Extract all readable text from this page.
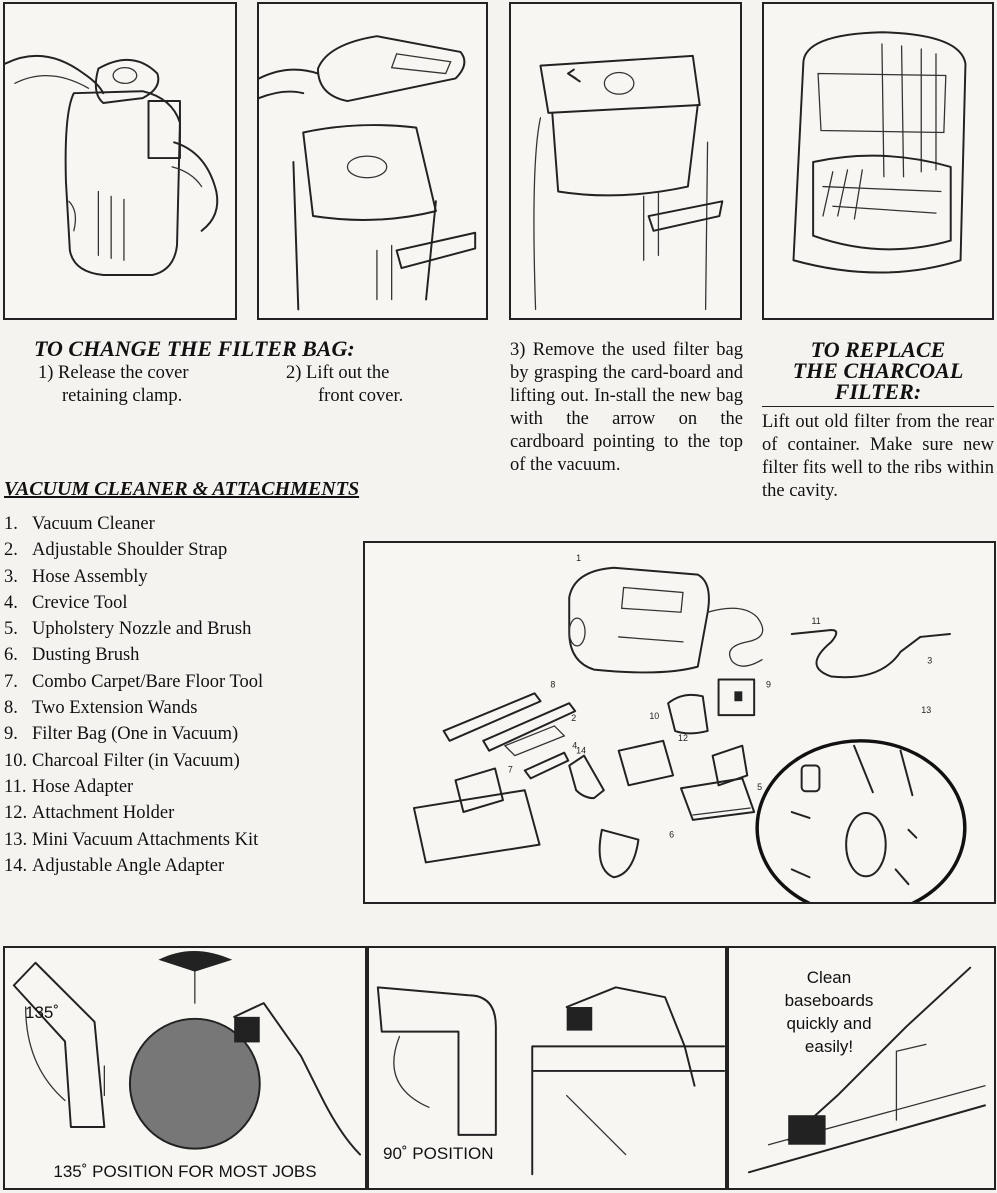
TO CHANGE THE FILTER BAG:
1) Release the cover
retaining clamp.
2) Lift out the
front cover.
3) Remove the used filter bag by grasping the card-board and lifting out. In-stall the new bag with the arrow on the cardboard pointing to the top of the vacuum.
TO REPLACE
THE CHARCOAL
FILTER:
Lift out old filter from the rear of container. Make sure new filter fits well to the ribs within the cavity.
VACUUM CLEANER & ATTACHMENTS
1. Vacuum Cleaner
2. Adjustable Shoulder Strap
3. Hose Assembly
4. Crevice Tool
5. Upholstery Nozzle and Brush
6. Dusting Brush
7. Combo Carpet/Bare Floor Tool
8. Two Extension Wands
9. Filter Bag (One in Vacuum)
10. Charcoal Filter (in Vacuum)
11. Hose Adapter
12. Attachment Holder
13. Mini Vacuum Attachments Kit
14. Adjustable Angle Adapter
1
11
3
8
2
4
10
9
13
14
12
5
6
7
135˚
135˚ POSITION FOR MOST JOBS
90˚ POSITION
Clean
baseboards
quickly and
easily!
